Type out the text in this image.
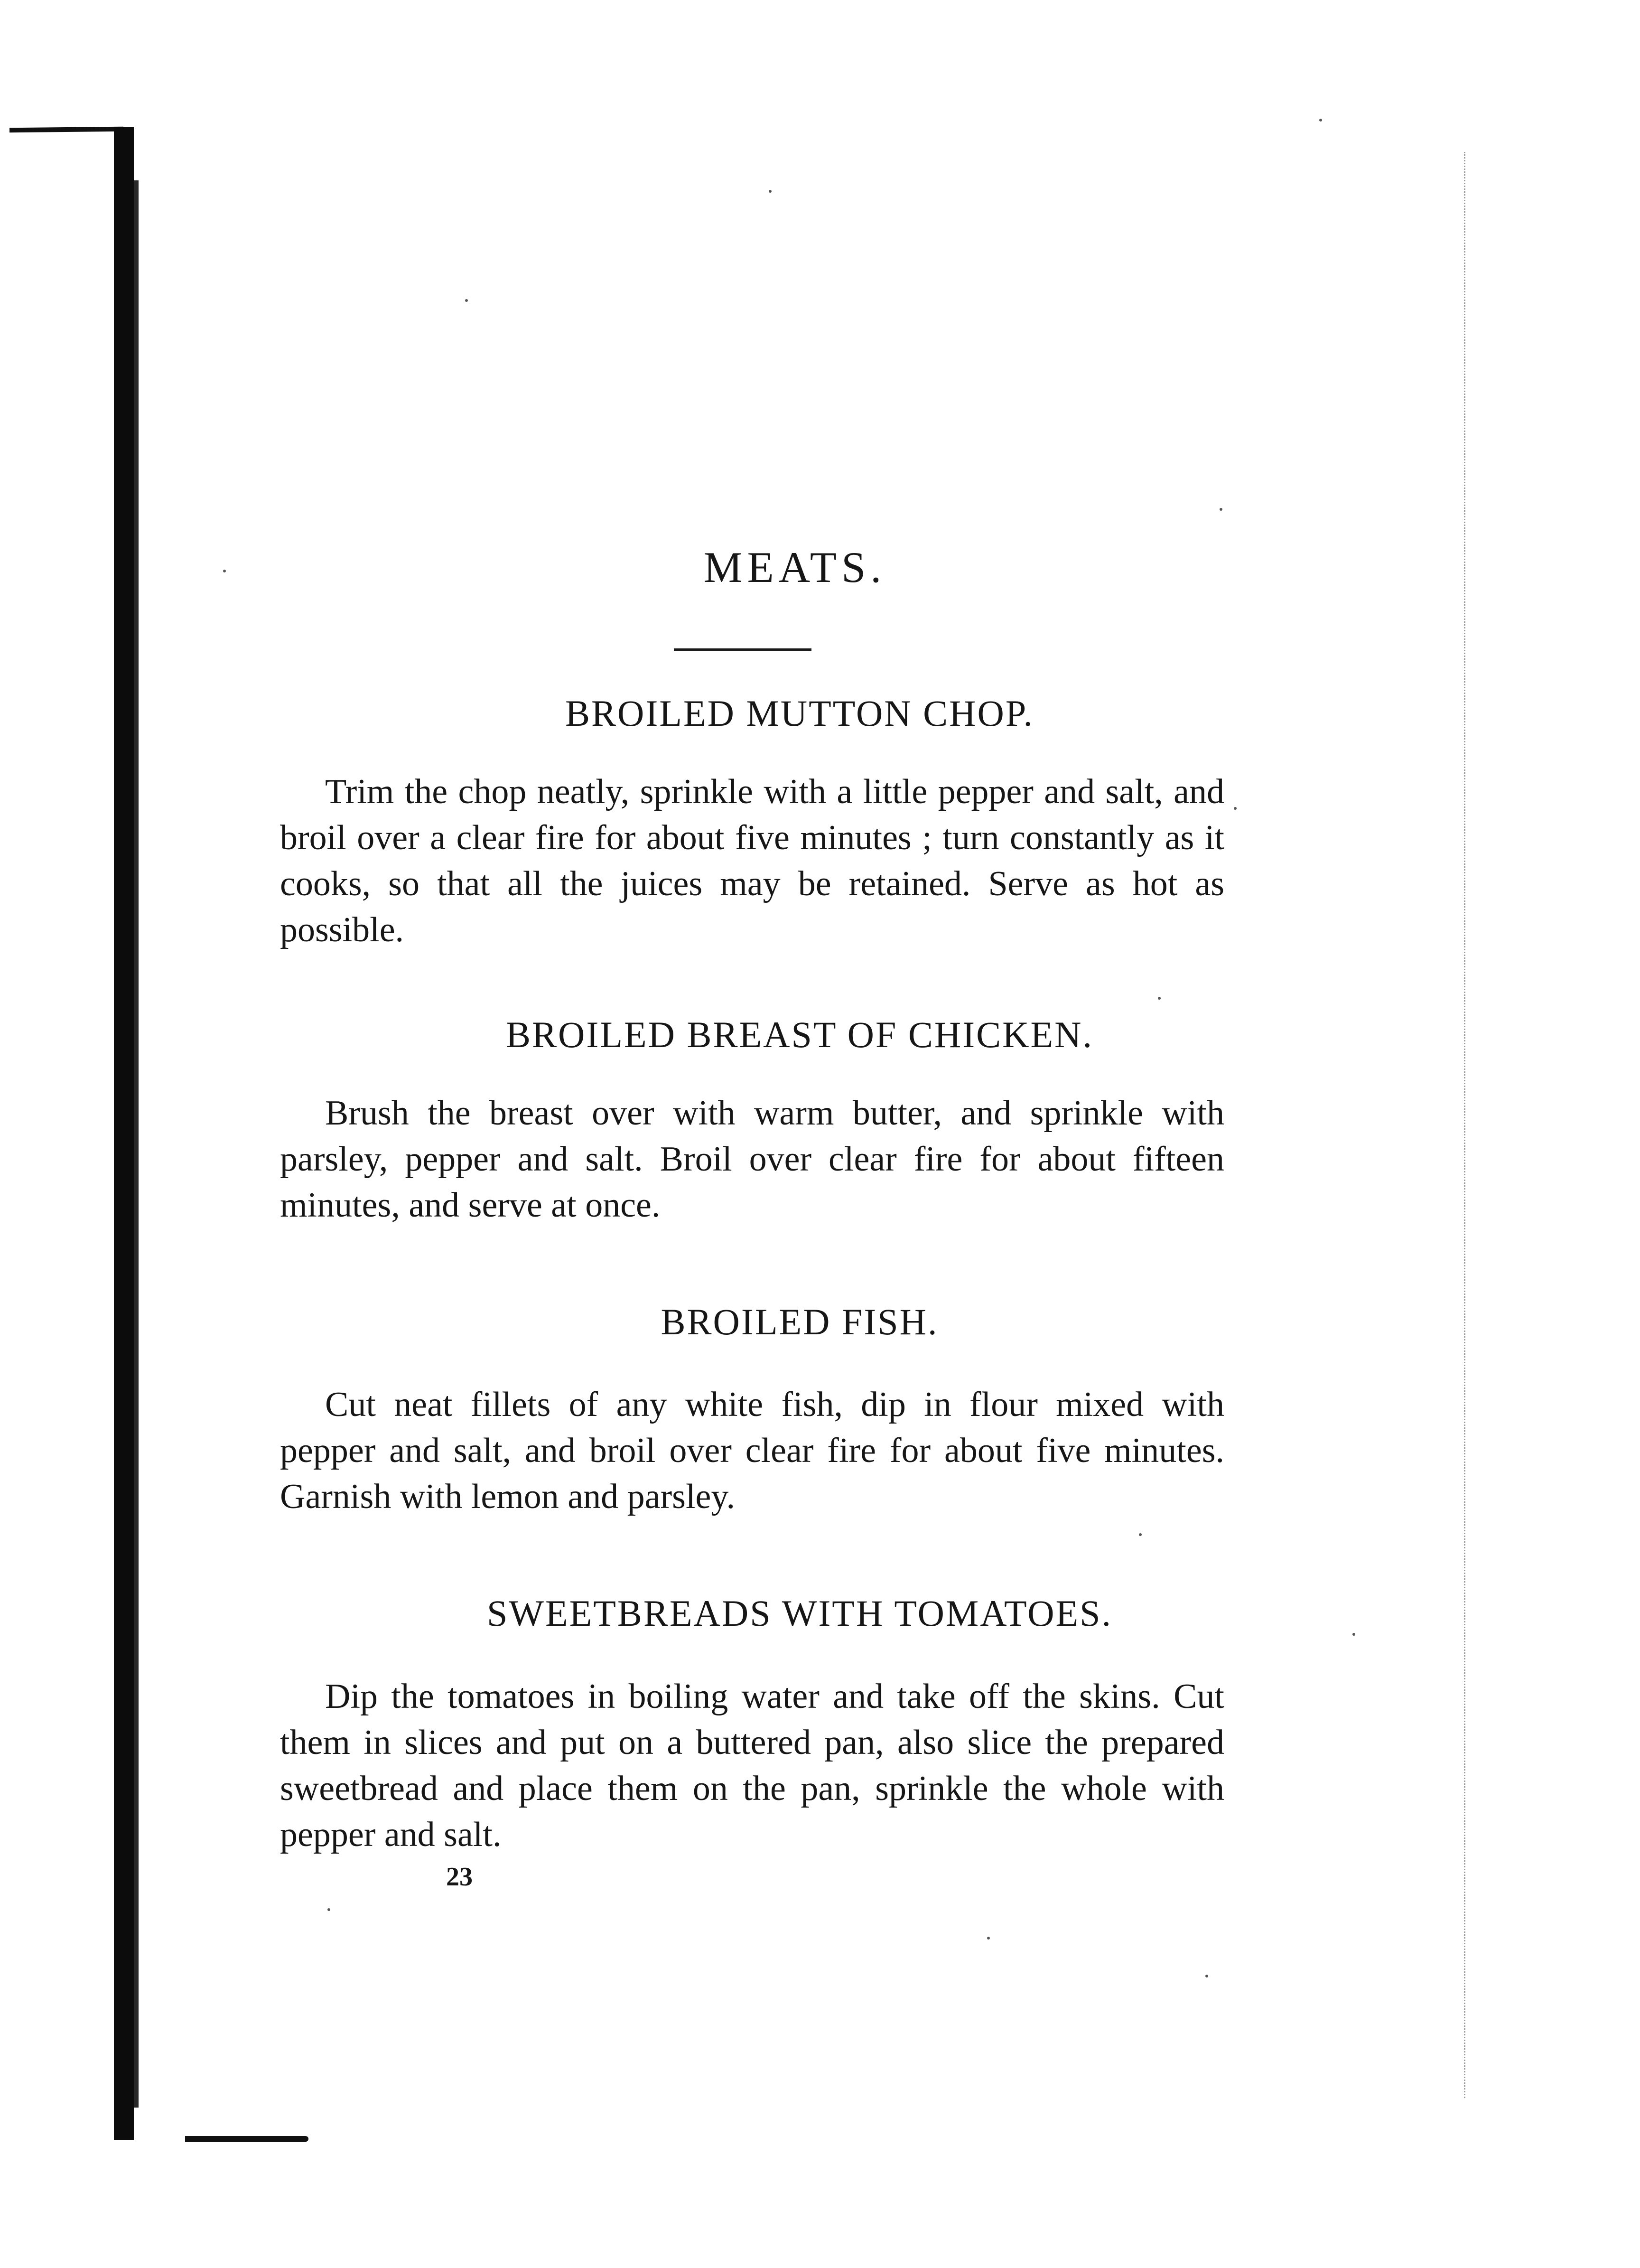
MEATS.
BROILED MUTTON CHOP.

Trim the chop neatly, sprinkle with a little pepper and salt, and broil over a clear fire for about five minutes ; turn constantly as it cooks, so that all the juices may be retained. Serve as hot as possible.

BROILED BREAST OF CHICKEN.

Brush the breast over with warm butter, and sprinkle with parsley, pepper and salt. Broil over clear fire for about fifteen minutes, and serve at once.

BROILED FISH.

Cut neat fillets of any white fish, dip in flour mixed with pepper and salt, and broil over clear fire for about five minutes. Garnish with lemon and parsley.

SWEETBREADS WITH TOMATOES.

Dip the tomatoes in boiling water and take off the skins. Cut them in slices and put on a buttered pan, also slice the prepared sweetbread and place them on the pan, sprinkle the whole with pepper and salt.

23
